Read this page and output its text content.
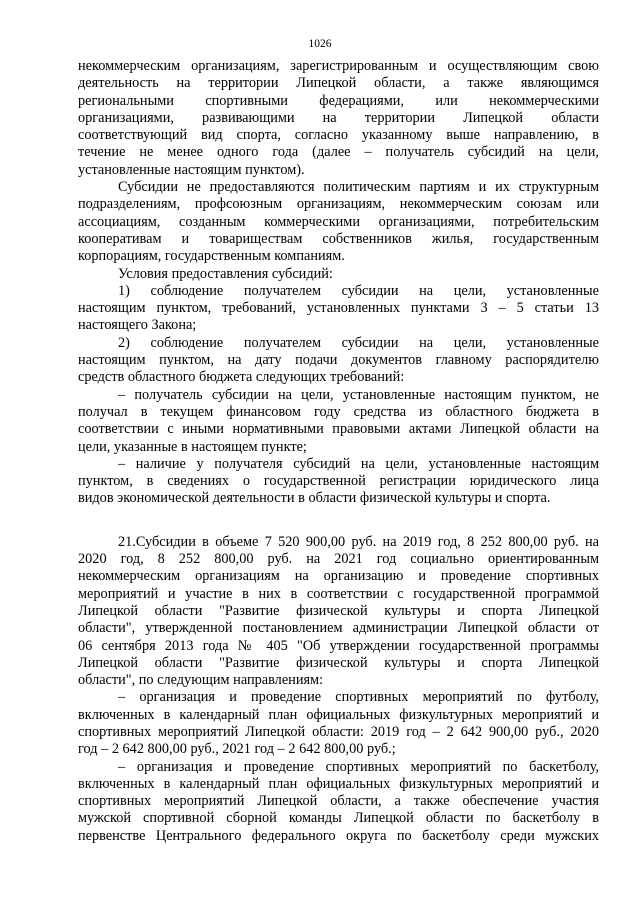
1026
некоммерческим организациям, зарегистрированным и осуществляющим свою
деятельность на территории Липецкой области, а также являющимся
региональными спортивными федерациями, или некоммерческими
организациями, развивающими на территории Липецкой области
соответствующий вид спорта, согласно указанному выше направлению, в
течение не менее одного года (далее – получатель субсидий на цели,
установленные настоящим пунктом).
Субсидии не предоставляются политическим партиям и их структурным
подразделениям, профсоюзным организациям, некоммерческим союзам или
ассоциациям, созданным коммерческими организациями, потребительским
кооперативам и товариществам собственников жилья, государственным
корпорациям, государственным компаниям.
Условия предоставления субсидий:
1) соблюдение получателем субсидии на цели, установленные
настоящим пунктом, требований, установленных пунктами 3 – 5 статьи 13
настоящего Закона;
2) соблюдение получателем субсидии на цели, установленные
настоящим пунктом, на дату подачи документов главному распорядителю
средств областного бюджета следующих требований:
– получатель субсидии на цели, установленные настоящим пунктом, не
получал в текущем финансовом году средства из областного бюджета в
соответствии с иными нормативными правовыми актами Липецкой области на
цели, указанные в настоящем пункте;
– наличие у получателя субсидий на цели, установленные настоящим
пунктом, в сведениях о государственной регистрации юридического лица
видов экономической деятельности в области физической культуры и спорта.
21.Субсидии в объеме 7 520 900,00 руб. на 2019 год, 8 252 800,00 руб. на
2020 год, 8 252 800,00 руб. на 2021 год социально ориентированным
некоммерческим организациям на организацию и проведение спортивных
мероприятий и участие в них в соответствии с государственной программой
Липецкой области "Развитие физической культуры и спорта Липецкой
области", утвержденной постановлением администрации Липецкой области от
06 сентября 2013 года № 405 "Об утверждении государственной программы
Липецкой области "Развитие физической культуры и спорта Липецкой
области", по следующим направлениям:
– организация и проведение спортивных мероприятий по футболу,
включенных в календарный план официальных физкультурных мероприятий и
спортивных мероприятий Липецкой области: 2019 год – 2 642 900,00 руб., 2020
год – 2 642 800,00 руб., 2021 год – 2 642 800,00 руб.;
– организация и проведение спортивных мероприятий по баскетболу,
включенных в календарный план официальных физкультурных мероприятий и
спортивных мероприятий Липецкой области, а также обеспечение участия
мужской спортивной сборной команды Липецкой области по баскетболу в
первенстве Центрального федерального округа по баскетболу среди мужских
